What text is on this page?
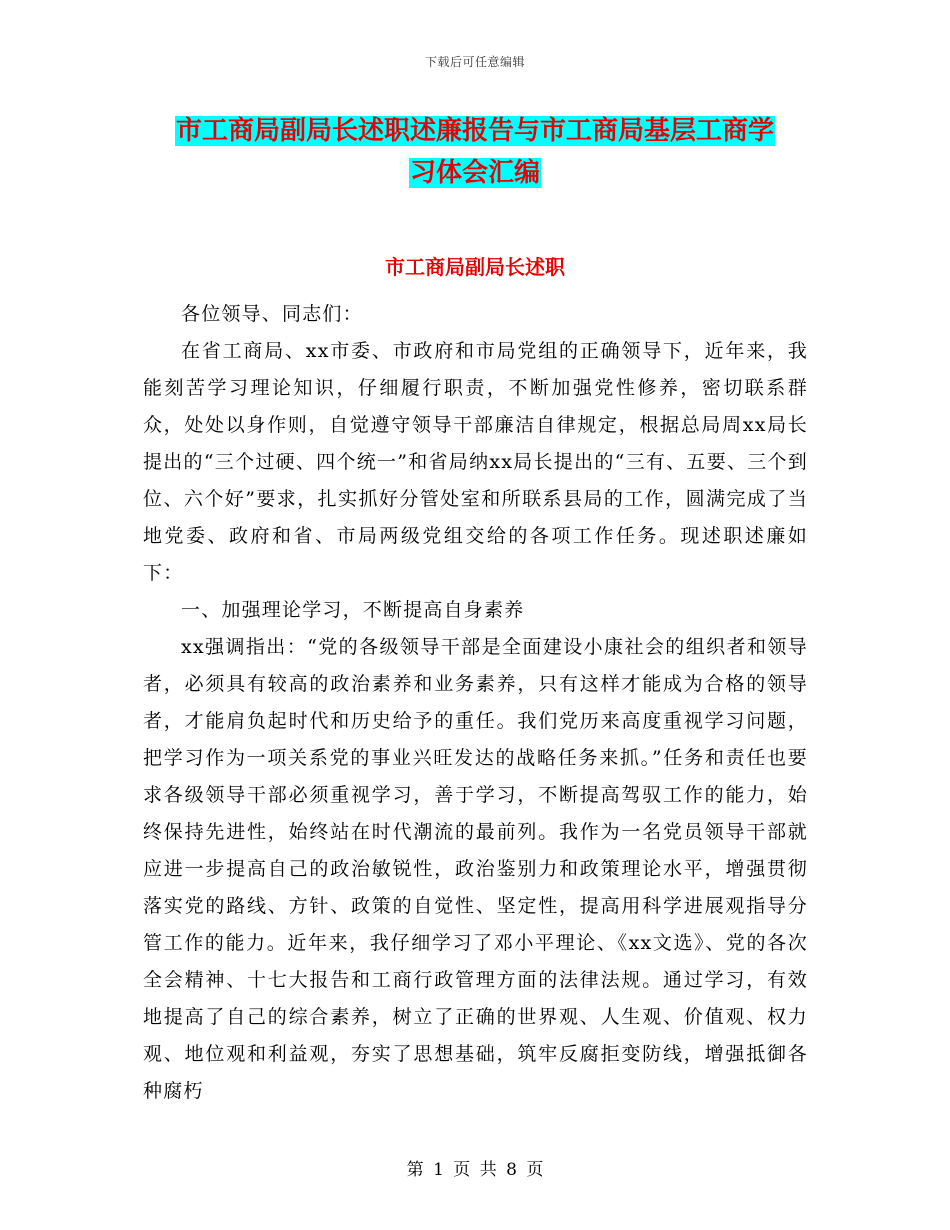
下载后可任意编辑
市工商局副局长述职述廉报告与市工商局基层工商学
习体会汇编
市工商局副局长述职

各位领导、同志们：

在省工商局、xx市委、市政府和市局党组的正确领导下，近年来，我能刻苦学习理论知识，仔细履行职责，不断加强党性修养，密切联系群众，处处以身作则，自觉遵守领导干部廉洁自律规定，根据总局周xx局长提出的“三个过硬、四个统一”和省局纳xx局长提出的“三有、五要、三个到位、六个好”要求，扎实抓好分管处室和所联系县局的工作，圆满完成了当地党委、政府和省、市局两级党组交给的各项工作任务。现述职述廉如下：

一、加强理论学习，不断提高自身素养

xx强调指出：“党的各级领导干部是全面建设小康社会的组织者和领导者，必须具有较高的政治素养和业务素养，只有这样才能成为合格的领导者，才能肩负起时代和历史给予的重任。我们党历来高度重视学习问题，把学习作为一项关系党的事业兴旺发达的战略任务来抓。”任务和责任也要求各级领导干部必须重视学习，善于学习，不断提高驾驭工作的能力，始终保持先进性，始终站在时代潮流的最前列。我作为一名党员领导干部就应进一步提高自己的政治敏锐性，政治鉴别力和政策理论水平，增强贯彻落实党的路线、方针、政策的自觉性、坚定性，提高用科学进展观指导分管工作的能力。近年来，我仔细学习了邓小平理论、《xx文选》、党的各次全会精神、十七大报告和工商行政管理方面的法律法规。通过学习，有效地提高了自己的综合素养，树立了正确的世界观、人生观、价值观、权力观、地位观和利益观，夯实了思想基础，筑牢反腐拒变防线，增强抵御各种腐朽

第 1 页 共 8 页
